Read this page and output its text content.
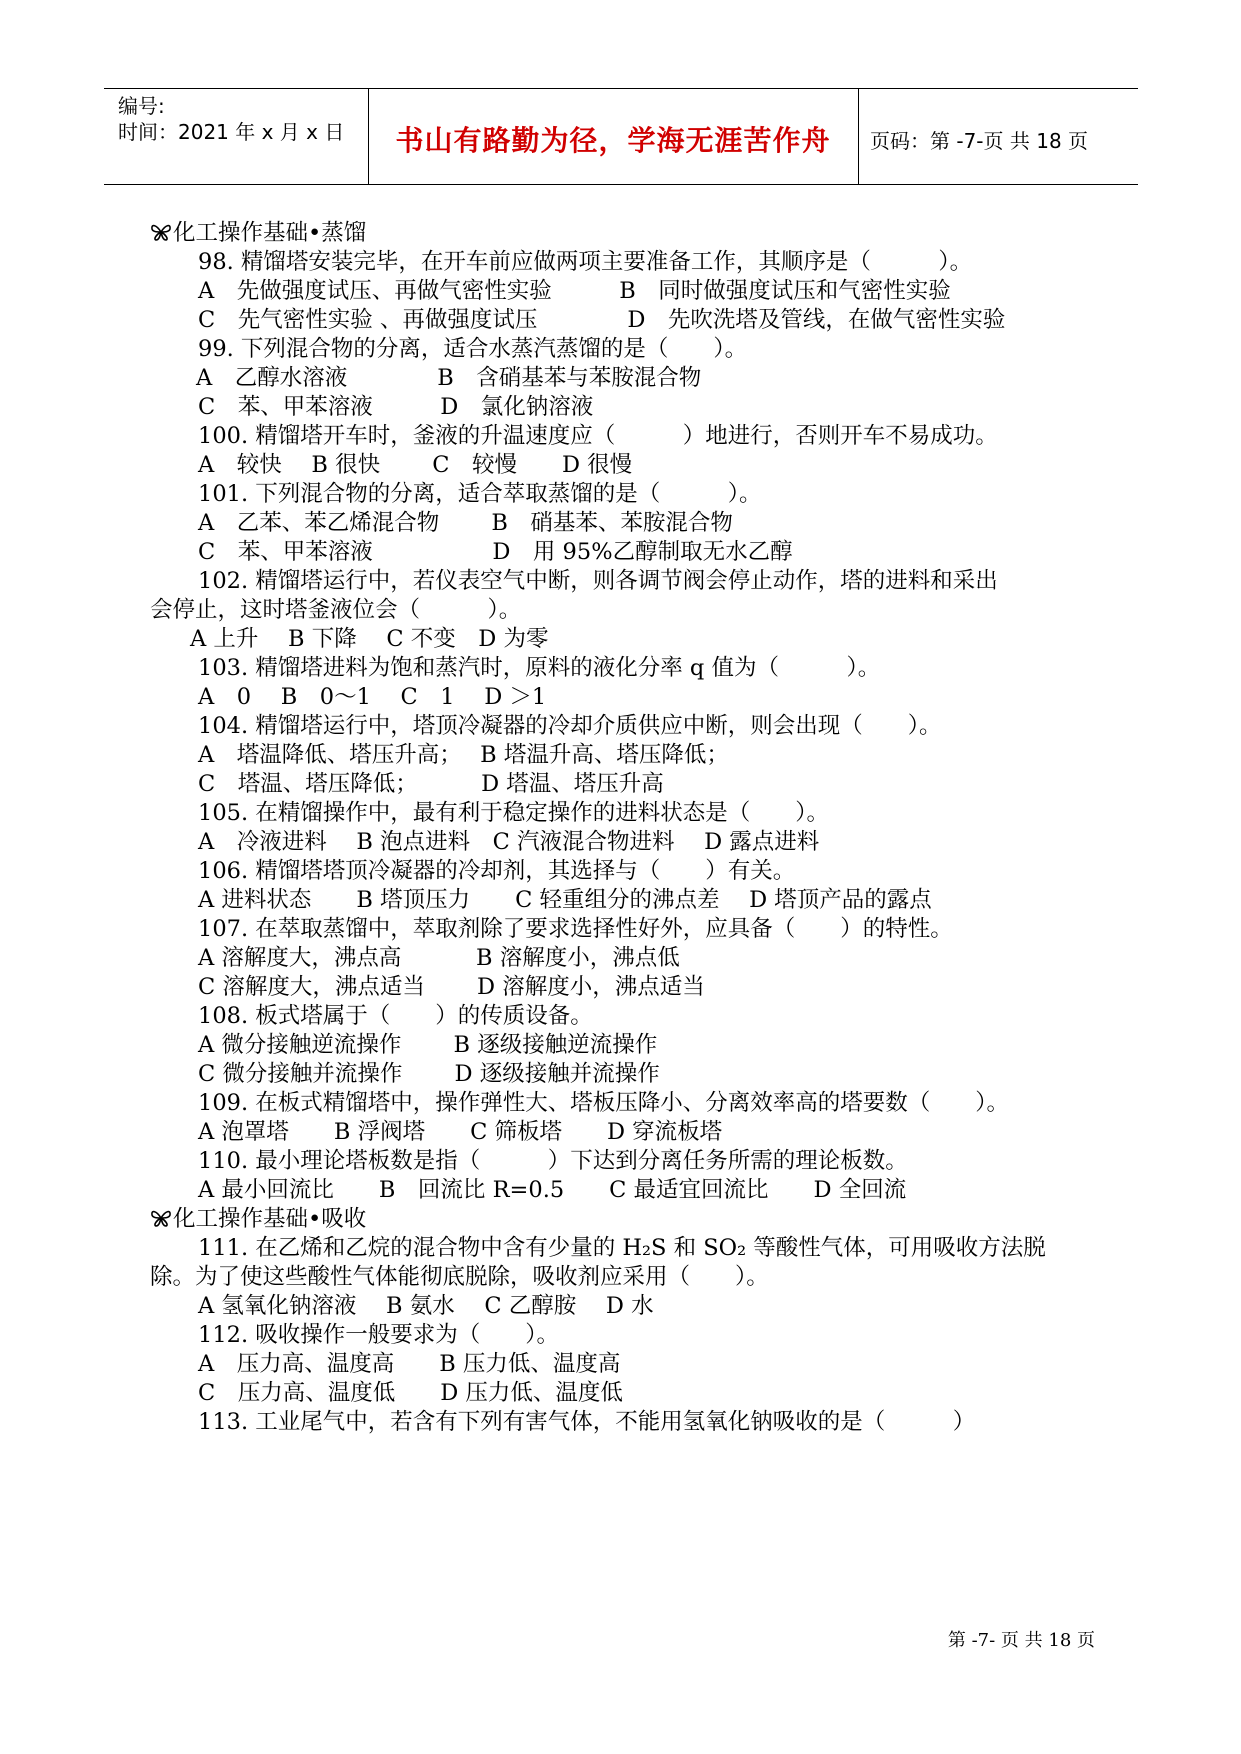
编号:
时间：2021 年 x 月 x 日	书山有路勤为径，学海无涯苦作舟	页码：第 -7-页 共 18 页
化工操作基础•蒸馏
98. 精馏塔安装完毕，在开车前应做两项主要准备工作，其顺序是（　　　）。
A　先做强度试压、再做气密性实验　　　B　同时做强度试压和气密性实验
C　先气密性实验 、再做强度试压　　　　D　先吹洗塔及管线，在做气密性实验
99. 下列混合物的分离，适合水蒸汽蒸馏的是（　　）。
A　乙醇水溶液　　　　B　含硝基苯与苯胺混合物
C　苯、甲苯溶液　　　D　氯化钠溶液
100. 精馏塔开车时，釜液的升温速度应（　　　）地进行，否则开车不易成功。
A　较快　 B 很快　　 C　较慢　　D 很慢
101. 下列混合物的分离，适合萃取蒸馏的是（　　　）。
A　乙苯、苯乙烯混合物　　 B　硝基苯、苯胺混合物
C　苯、甲苯溶液　　　　　 D　用 95%乙醇制取无水乙醇
102. 精馏塔运行中，若仪表空气中断，则各调节阀会停止动作，塔的进料和采出
会停止，这时塔釜液位会（　　　）。
A 上升　 B 下降　 C 不变　D 为零
103. 精馏塔进料为饱和蒸汽时，原料的液化分率 q 值为（　　　）。
A　0　 B　0～1　 C　1　 D ＞1
104. 精馏塔运行中，塔顶冷凝器的冷却介质供应中断，则会出现（　　）。
A　塔温降低、塔压升高；　 B 塔温升高、塔压降低；
C　塔温、塔压降低；　　　 D 塔温、塔压升高
105. 在精馏操作中，最有利于稳定操作的进料状态是（　　）。
A　冷液进料　 B 泡点进料　C 汽液混合物进料　 D 露点进料
106. 精馏塔塔顶冷凝器的冷却剂，其选择与（　　）有关。
A 进料状态　　B 塔顶压力　　C 轻重组分的沸点差　 D 塔顶产品的露点
107. 在萃取蒸馏中，萃取剂除了要求选择性好外，应具备（　　）的特性。
A 溶解度大，沸点高　　　 B 溶解度小，沸点低
C 溶解度大，沸点适当　　 D 溶解度小，沸点适当
108. 板式塔属于（　　）的传质设备。
A 微分接触逆流操作　　 B 逐级接触逆流操作
C 微分接触并流操作　　 D 逐级接触并流操作
109. 在板式精馏塔中，操作弹性大、塔板压降小、分离效率高的塔要数（　　）。
A 泡罩塔　　B 浮阀塔　　C 筛板塔　　D 穿流板塔
110. 最小理论塔板数是指（　　　）下达到分离任务所需的理论板数。
A 最小回流比　　B　回流比 R=0.5　　C 最适宜回流比　　D 全回流
化工操作基础•吸收
111. 在乙烯和乙烷的混合物中含有少量的 H₂S 和 SO₂ 等酸性气体，可用吸收方法脱
除。为了使这些酸性气体能彻底脱除，吸收剂应采用（　　）。
A 氢氧化钠溶液　 B 氨水　 C 乙醇胺　 D 水
112. 吸收操作一般要求为（　　）。
A　压力高、温度高　　B 压力低、温度高
C　压力高、温度低　　D 压力低、温度低
113. 工业尾气中，若含有下列有害气体，不能用氢氧化钠吸收的是（　　　）
第 -7- 页 共 18 页
